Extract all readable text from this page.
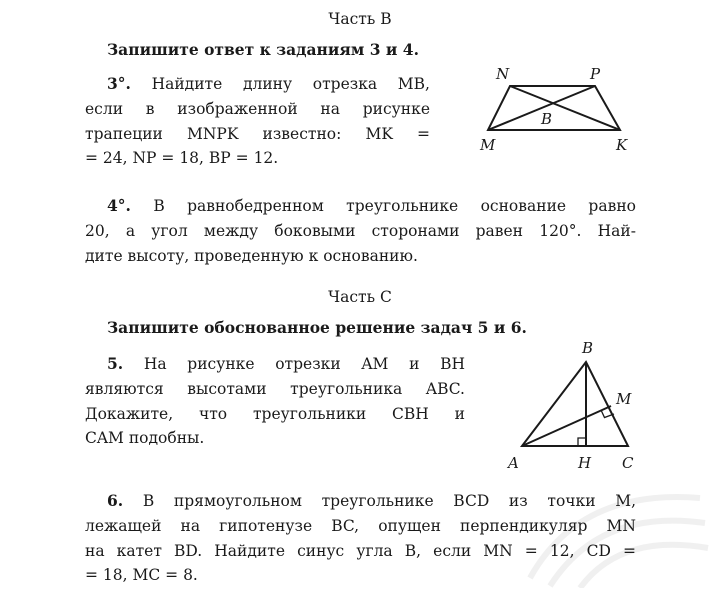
Часть B
Запишите ответ к заданиям 3 и 4.
3°. Найдите длину отрезка MB,
если в изображенной на рисунке
трапеции MNPK известно: MK =
= 24, NP = 18, BP = 12.
N	P
B
M	K
4°. В равнобедренном треугольнике основание равно
20, а угол между боковыми сторонами равен 120°. Най-
дите высоту, проведенную к основанию.
Часть C
Запишите обоснованное решение задач 5 и 6.
5. На рисунке отрезки AM и BH
являются высотами треугольника ABC.
Докажите, что треугольники CBH и
CAM подобны.
B
M
A	H C
6. В прямоугольном треугольнике BCD из точки M,
лежащей на гипотенузе BC, опущен перпендикуляр MN
на катет BD. Найдите синус угла B, если MN = 12, CD =
= 18, MC = 8.
